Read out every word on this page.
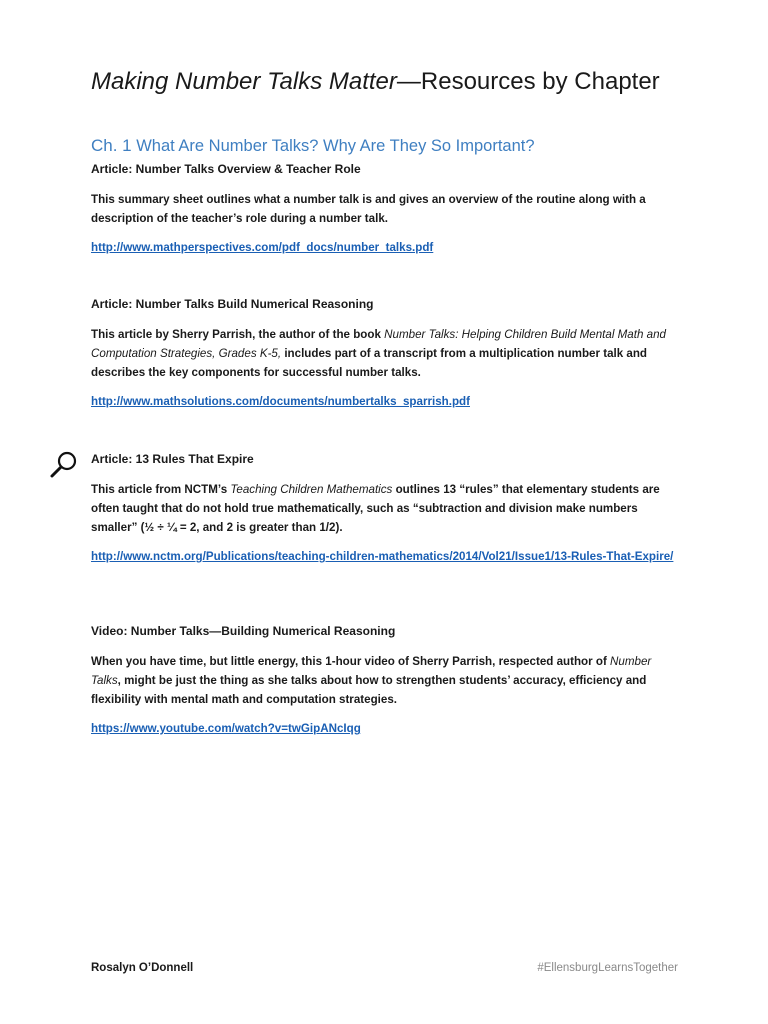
Making Number Talks Matter—Resources by Chapter
Ch. 1 What Are Number Talks? Why Are They So Important?
Article: Number Talks Overview & Teacher Role

This summary sheet outlines what a number talk is and gives an overview of the routine along with a description of the teacher’s role during a number talk.

http://www.mathperspectives.com/pdf_docs/number_talks.pdf
Article: Number Talks Build Numerical Reasoning

This article by Sherry Parrish, the author of the book Number Talks: Helping Children Build Mental Math and Computation Strategies, Grades K-5, includes part of a transcript from a multiplication number talk and describes the key components for successful number talks.

http://www.mathsolutions.com/documents/numbertalks_sparrish.pdf
Article: 13 Rules That Expire

This article from NCTM’s Teaching Children Mathematics outlines 13 “rules” that elementary students are often taught that do not hold true mathematically, such as “subtraction and division make numbers smaller” (½ ÷ ¼ = 2, and 2 is greater than 1/2).

http://www.nctm.org/Publications/teaching-children-mathematics/2014/Vol21/Issue1/13-Rules-That-Expire/
Video: Number Talks—Building Numerical Reasoning

When you have time, but little energy, this 1-hour video of Sherry Parrish, respected author of Number Talks, might be just the thing as she talks about how to strengthen students’ accuracy, efficiency and flexibility with mental math and computation strategies.

https://www.youtube.com/watch?v=twGipANcIqg
Rosalyn O’Donnell	#EllensburgLearnsTogether
